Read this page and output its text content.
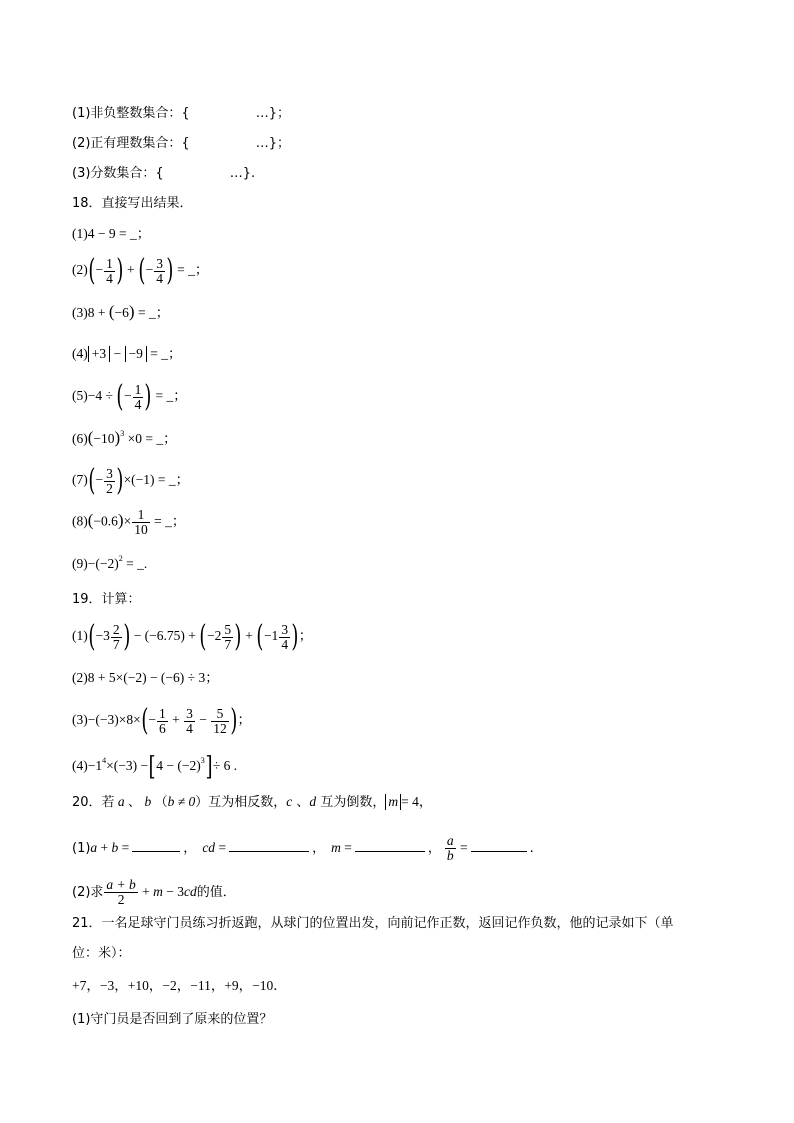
(1)非负整数集合：{	…}；
(2)正有理数集合：{	…}；
(3)分数集合：{	…}.
18．直接写出结果．
(1)4 − 9 = _；
$(2)(- \frac{1}{4}$ ) + (− $\frac{3}{4}$ ) = _；
(3)8 + (−6) = _；
(4) +3 − −9 = _；
(5)−4 ÷ (− $\frac{1}{4}$ ) = _；
$(6)(-10)^3 \times 0$ = _；
$(7)(- \frac{3}{2} )\times(-1)$ = _；
$(8)(-0.6)\times \frac{1}{10}$ = _；
$(9)-(-2)^2$ = _.
19．计算：
$(1)(-3 \frac{2}{7}$ ) − $(-6.75) + (-2 \frac{5}{7}$ ) + ($-1 \frac{3}{4}$ )；
(2)8 + 5×(−2) − (−6) ÷ 3；
$(3)-(-3)\times 8\times(- \frac{1}{6} + \frac{3}{4} - \frac{5}{12}$ )；
$(4)-1^4\times(-3) -[4 - (-2)^3]\div 6$ .
20．若 a 、 b （b ≠ 0）互为相反数，c 、d 互为倒数， m = 4，
(1)a + b =	， cd =	， m =	， $\frac{a}{b}$ =	.
(2)求 $\frac{a + b}{2} + m - 3cd$的值．
21．一名足球守门员练习折返跑，从球门的位置出发，向前记作正数，返回记作负数，他的记录如下（单
位：米）：
+7，−3，+10，−2，−11，+9，−10．
(1)守门员是否回到了原来的位置？
